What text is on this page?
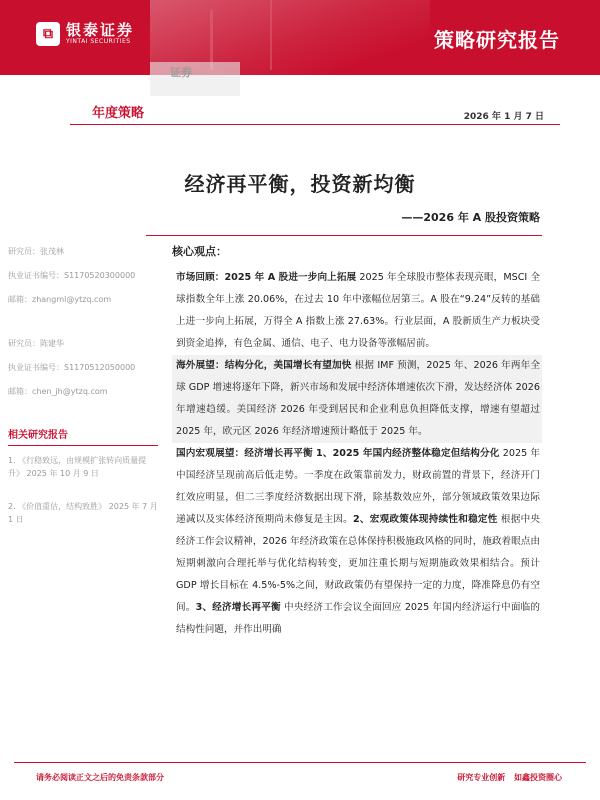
⧉ 银泰证券
YINTAI SECURITIES	策略研究报告
证券
年度策略	2026 年 1 月 7 日
经济再平衡，投资新均衡
——2026 年 A 股投资策略
研究员：张茂林
执业证书编号：S1170520300000
邮箱：zhangml@ytzq.com
研究员：陈建华
执业证书编号：S1170512050000
邮箱：chen_jh@ytzq.com
相关研究报告
1. 《行稳致远，由规模扩张转向质量提升》 2025 年 10 月 9 日
2. 《价值重估，结构致胜》 2025 年 7 月 1 日
核心观点：
市场回顾：2025 年 A 股进一步向上拓展 2025 年全球股市整体表现亮眼，MSCI 全球指数全年上涨 20.06%，在过去 10 年中涨幅位居第三。A 股在“9.24”反转的基础上进一步向上拓展，万得全 A 指数上涨 27.63%。行业层面，A 股新质生产力板块受到资金追捧，有色金属、通信、电子、电力设备等涨幅居前。
海外展望：结构分化，美国增长有望加快 根据 IMF 预测，2025 年、2026 年两年全球 GDP 增速将逐年下降，新兴市场和发展中经济体增速依次下滑，发达经济体 2026 年增速趋缓。美国经济 2026 年受到居民和企业利息负担降低支撑，增速有望超过 2025 年，欧元区 2026 年经济增速预计略低于 2025 年。
国内宏观展望：经济增长再平衡 1、2025 年国内经济整体稳定但结构分化 2025 年中国经济呈现前高后低走势。一季度在政策靠前发力，财政前置的背景下，经济开门红效应明显，但二三季度经济数据出现下滑，除基数效应外，部分领域政策效果边际递减以及实体经济预期尚未修复是主因。2、宏观政策体现持续性和稳定性 根据中央经济工作会议精神，2026 年经济政策在总体保持积极施政风格的同时，施政着眼点由短期刺激向合理托举与优化结构转变，更加注重长期与短期施政效果相结合。预计 GDP 增长目标在 4.5%-5%之间，财政政策仍有望保持一定的力度，降准降息仍有空间。3、经济增长再平衡 中央经济工作会议全面回应 2025 年国内经济运行中面临的结构性问题，并作出明确
请务必阅读正文之后的免责条款部分	研究专业创新 如鑫投资圈心
